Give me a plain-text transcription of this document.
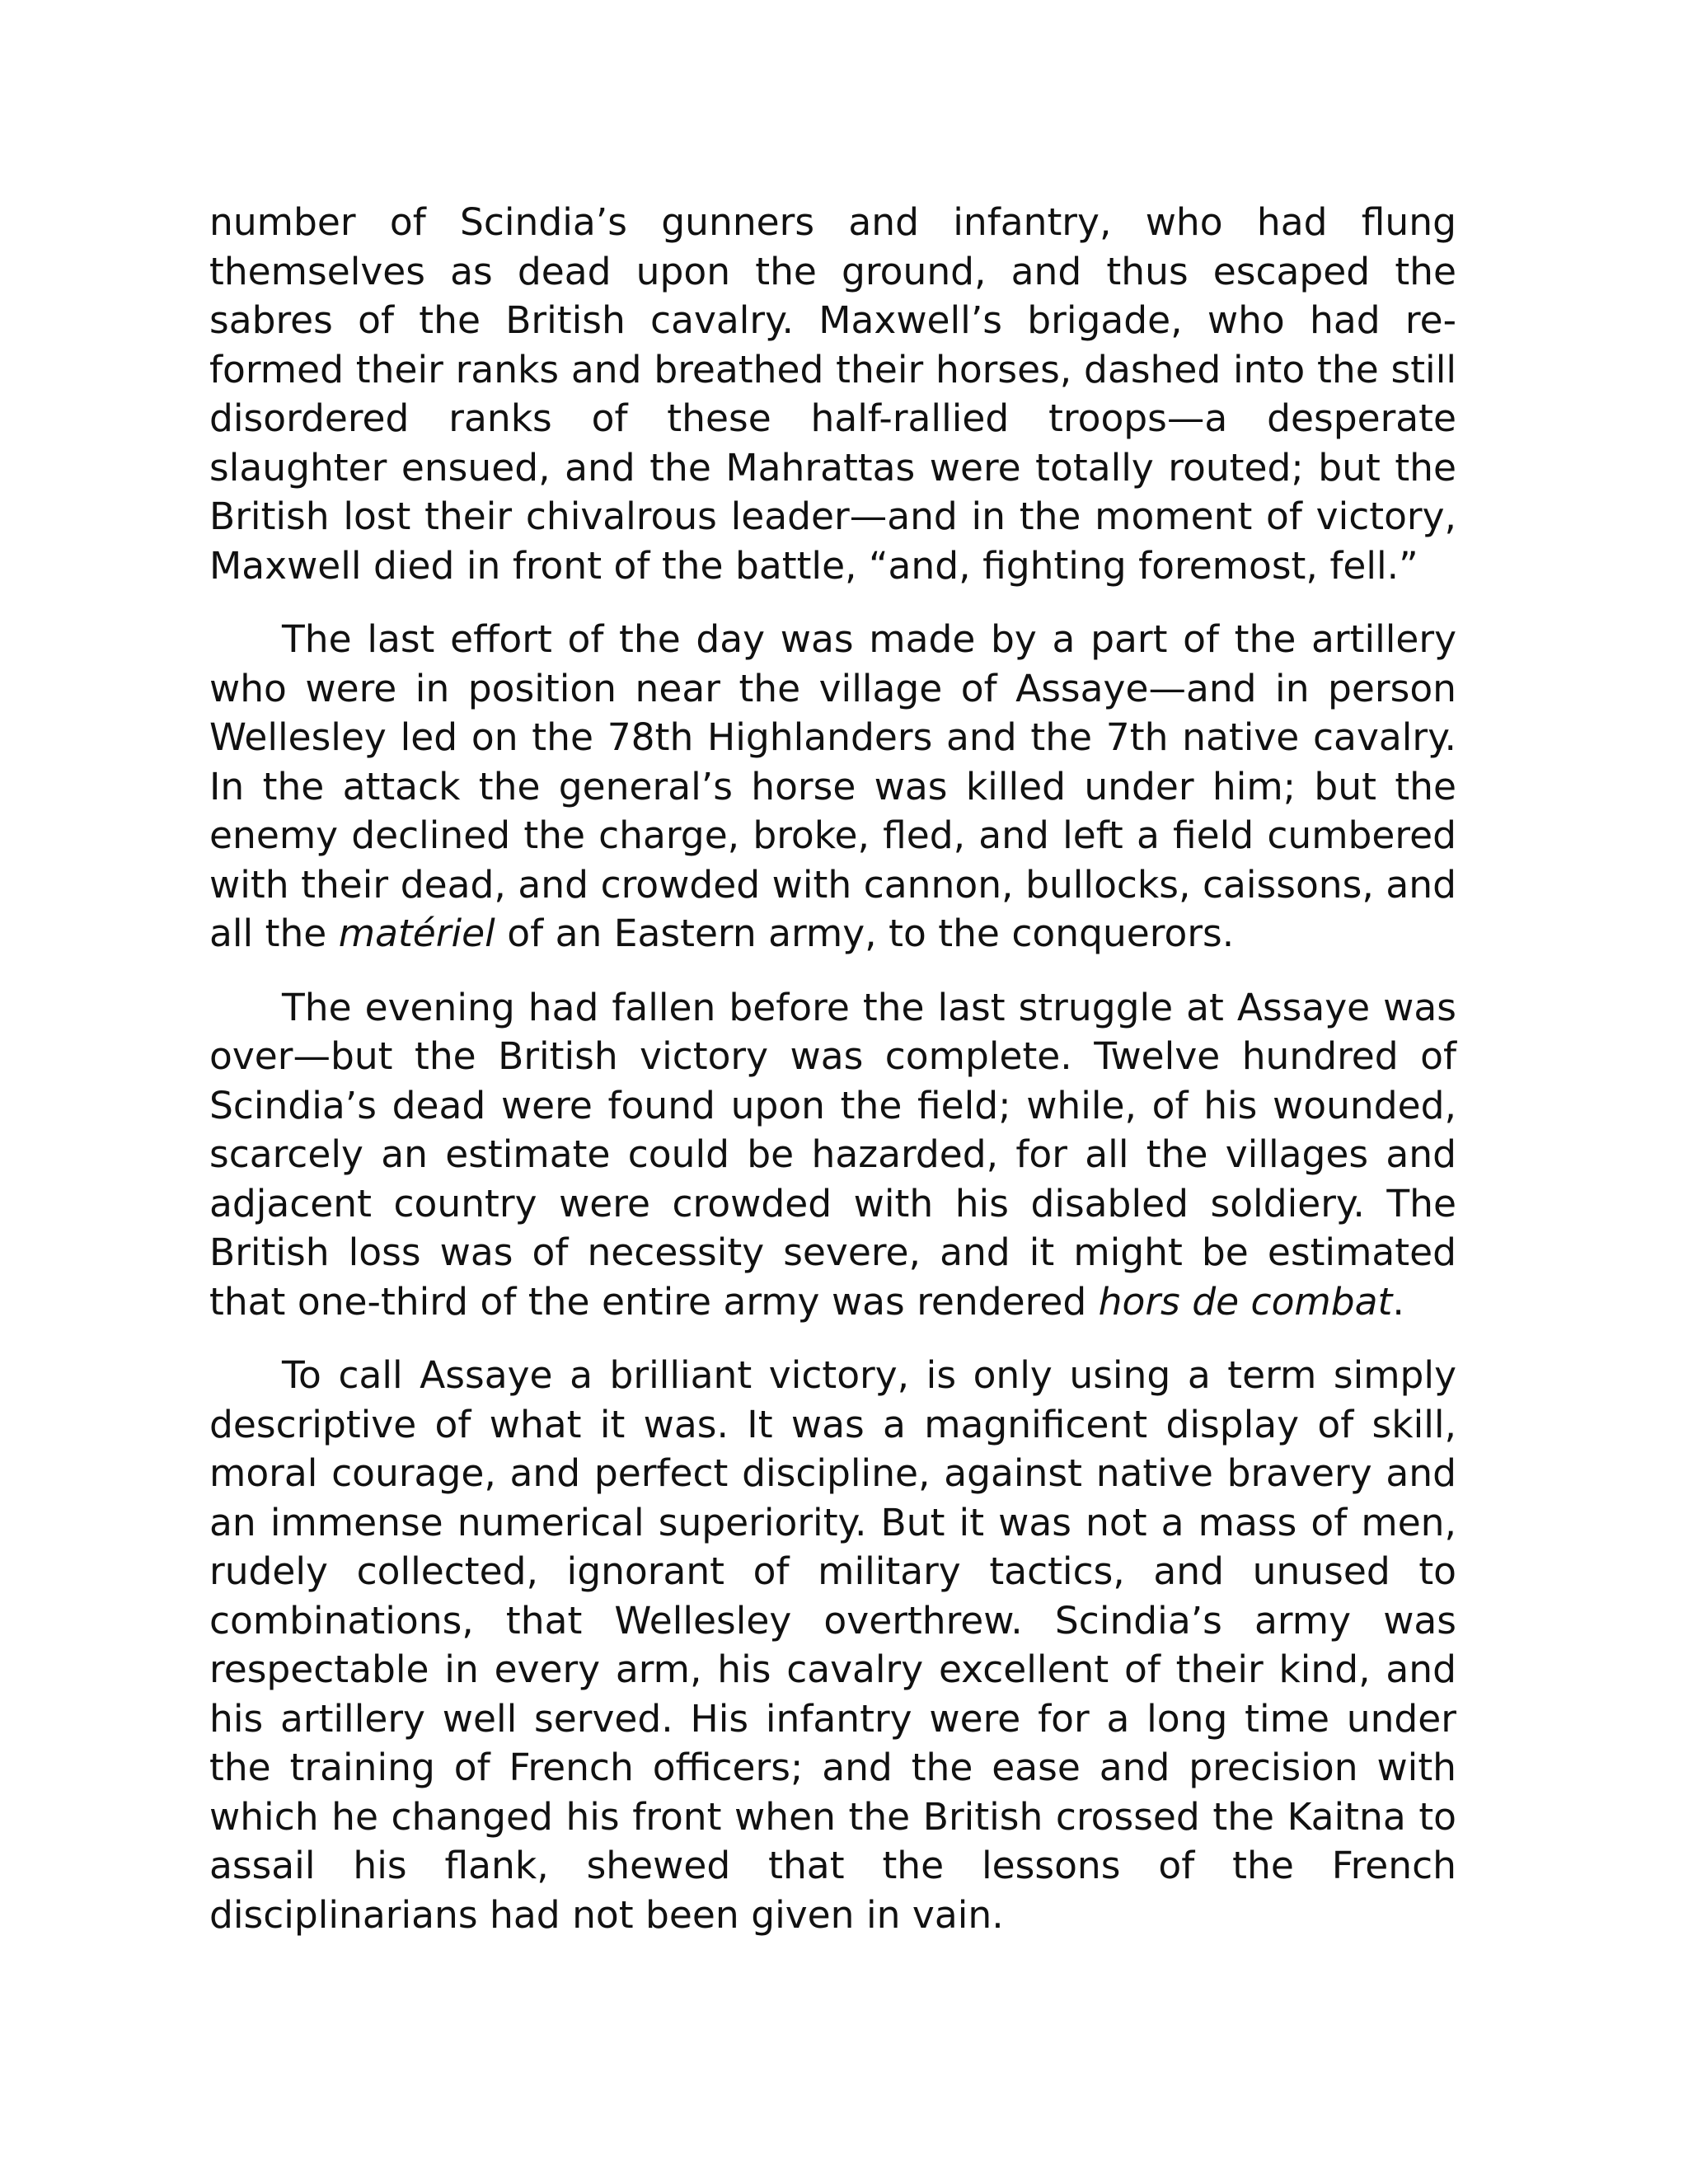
number of Scindia’s gunners and infantry, who had flung themselves as dead upon the ground, and thus escaped the sabres of the British cavalry. Maxwell’s brigade, who had re-formed their ranks and breathed their horses, dashed into the still disordered ranks of these half-rallied troops—a desperate slaughter ensued, and the Mahrattas were totally routed; but the British lost their chivalrous leader—and in the moment of victory, Maxwell died in front of the battle, “and, fighting foremost, fell.”

The last effort of the day was made by a part of the artillery who were in position near the village of Assaye—and in person Wellesley led on the 78th Highlanders and the 7th native cavalry. In the attack the general’s horse was killed under him; but the enemy declined the charge, broke, fled, and left a field cumbered with their dead, and crowded with cannon, bullocks, caissons, and all the matériel of an Eastern army, to the conquerors.

The evening had fallen before the last struggle at Assaye was over—but the British victory was complete. Twelve hundred of Scindia’s dead were found upon the field; while, of his wounded, scarcely an estimate could be hazarded, for all the villages and adjacent country were crowded with his disabled soldiery. The British loss was of necessity severe, and it might be estimated that one-third of the entire army was rendered hors de combat.

To call Assaye a brilliant victory, is only using a term simply descriptive of what it was. It was a magnificent display of skill, moral courage, and perfect discipline, against native bravery and an immense numerical superiority. But it was not a mass of men, rudely collected, ignorant of military tactics, and unused to combinations, that Wellesley overthrew. Scindia’s army was respectable in every arm, his cavalry excellent of their kind, and his artillery well served. His infantry were for a long time under the training of French officers; and the ease and precision with which he changed his front when the British crossed the Kaitna to assail his flank, shewed that the lessons of the French disciplinarians had not been given in vain.
